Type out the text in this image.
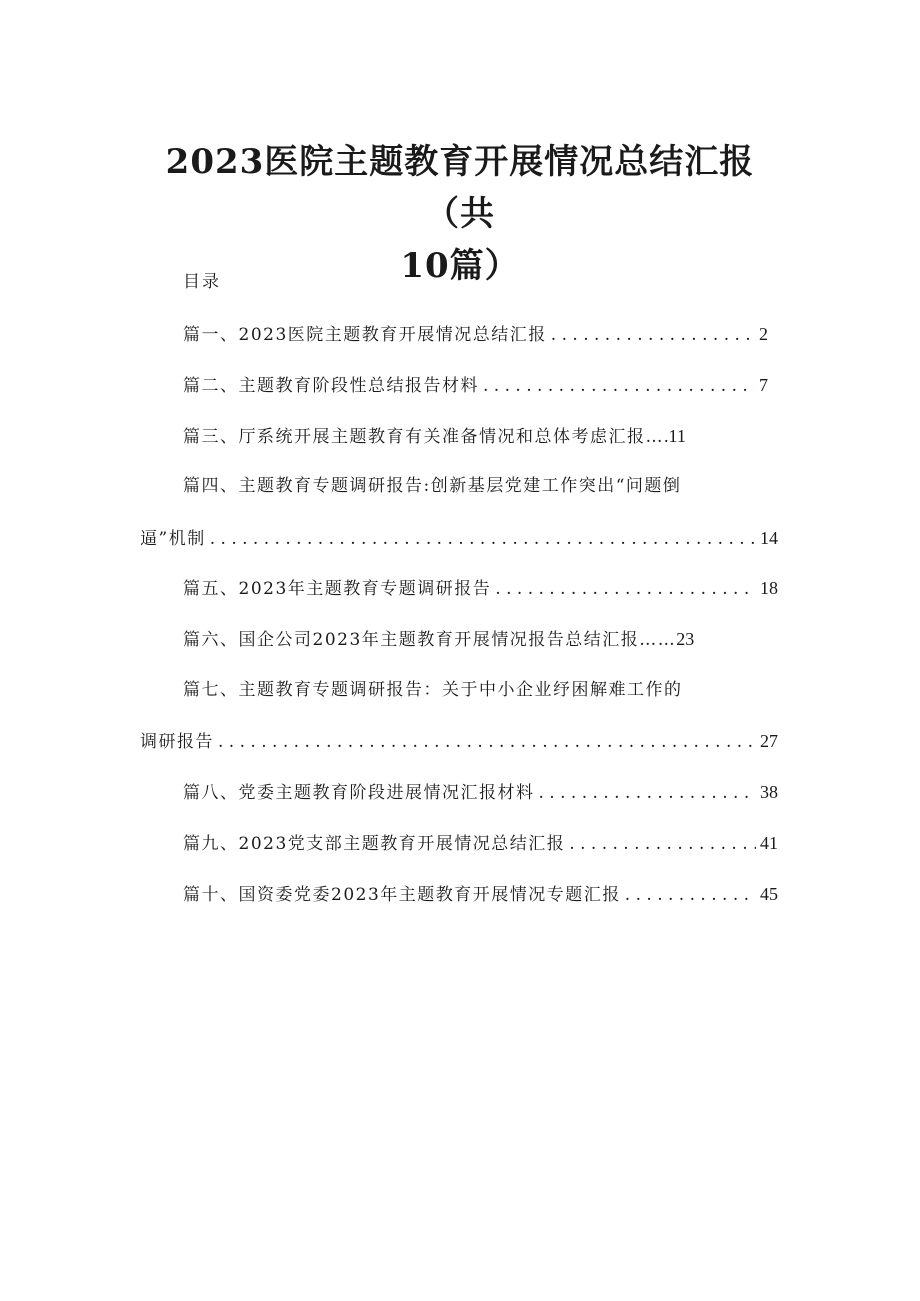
2023医院主题教育开展情况总结汇报（共
10篇）
目录
篇一、2023医院主题教育开展情况总结汇报 . . .	2
篇二、主题教育阶段性总结报告材料 . . .	7
篇三、厅系统开展主题教育有关准备情况和总体考虑汇报… .11
篇四、主题教育专题调研报告:创新基层党建工作突出“问题倒
逼”机制 . . .	14
篇五、2023年主题教育专题调研报告 . . .	18
篇六、国企公司2023年主题教育开展情况报告总结汇报…… 23
篇七、主题教育专题调研报告：关于中小企业纾困解难工作的
调研报告 . . .	27
篇八、党委主题教育阶段进展情况汇报材料 . . .	38
篇九、2023党支部主题教育开展情况总结汇报 . . .	41
篇十、国资委党委2023年主题教育开展情况专题汇报 . . .	45
